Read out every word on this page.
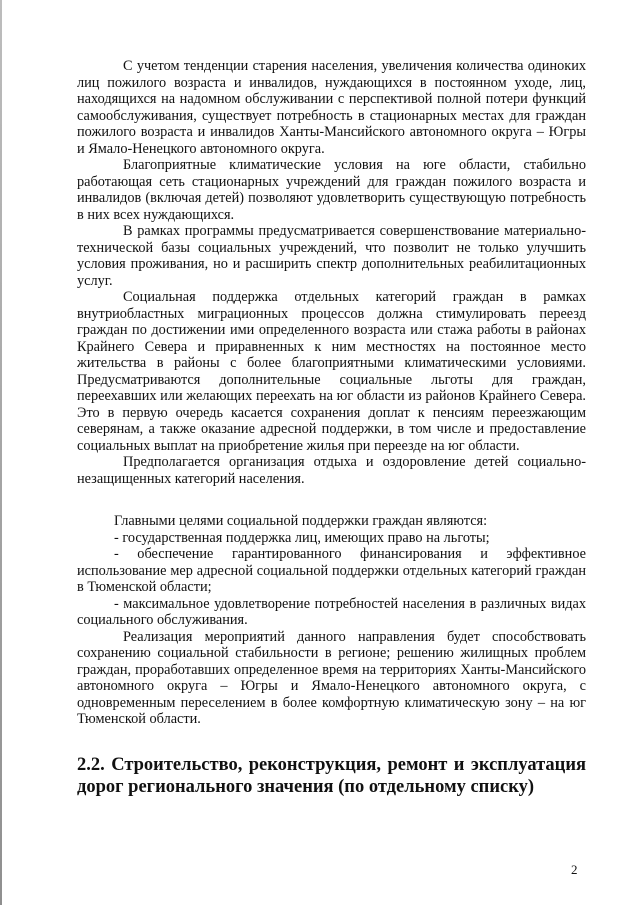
С учетом тенденции старения населения, увеличения количества одиноких лиц пожилого возраста и инвалидов, нуждающихся в постоянном уходе, лиц, находящихся на надомном обслуживании с перспективой полной потери функций самообслуживания, существует потребность в стационарных местах для граждан пожилого возраста и инвалидов Ханты-Мансийского автономного округа – Югры и Ямало-Ненецкого автономного округа.

Благоприятные климатические условия на юге области, стабильно работающая сеть стационарных учреждений для граждан пожилого возраста и инвалидов (включая детей) позволяют удовлетворить существующую потребность в них всех нуждающихся.

В рамках программы предусматривается совершенствование материально-технической базы социальных учреждений, что позволит не только улучшить условия проживания, но и расширить спектр дополнительных реабилитационных услуг.

Социальная поддержка отдельных категорий граждан в рамках внутриобластных миграционных процессов должна стимулировать переезд граждан по достижении ими определенного возраста или стажа работы в районах Крайнего Севера и приравненных к ним местностях на постоянное место жительства в районы с более благоприятными климатическими условиями. Предусматриваются дополнительные социальные льготы для граждан, переехавших или желающих переехать на юг области из районов Крайнего Севера. Это в первую очередь касается сохранения доплат к пенсиям переезжающим северянам, а также оказание адресной поддержки, в том числе и предоставление социальных выплат на приобретение жилья при переезде на юг области.

Предполагается организация отдыха и оздоровление детей социально-незащищенных категорий населения.

Главными целями социальной поддержки граждан являются:

- государственная поддержка лиц, имеющих право на льготы;

- обеспечение гарантированного финансирования и эффективное использование мер адресной социальной поддержки отдельных категорий граждан в Тюменской области;

- максимальное удовлетворение потребностей населения в различных видах социального обслуживания.

Реализация мероприятий данного направления будет способствовать сохранению социальной стабильности в регионе; решению жилищных проблем граждан, проработавших определенное время на территориях Ханты-Мансийского автономного округа – Югры и Ямало-Ненецкого автономного округа, с одновременным переселением в более комфортную климатическую зону – на юг Тюменской области.

2.2. Строительство, реконструкция, ремонт и эксплуатация дорог регионального значения (по отдельному списку)

2
